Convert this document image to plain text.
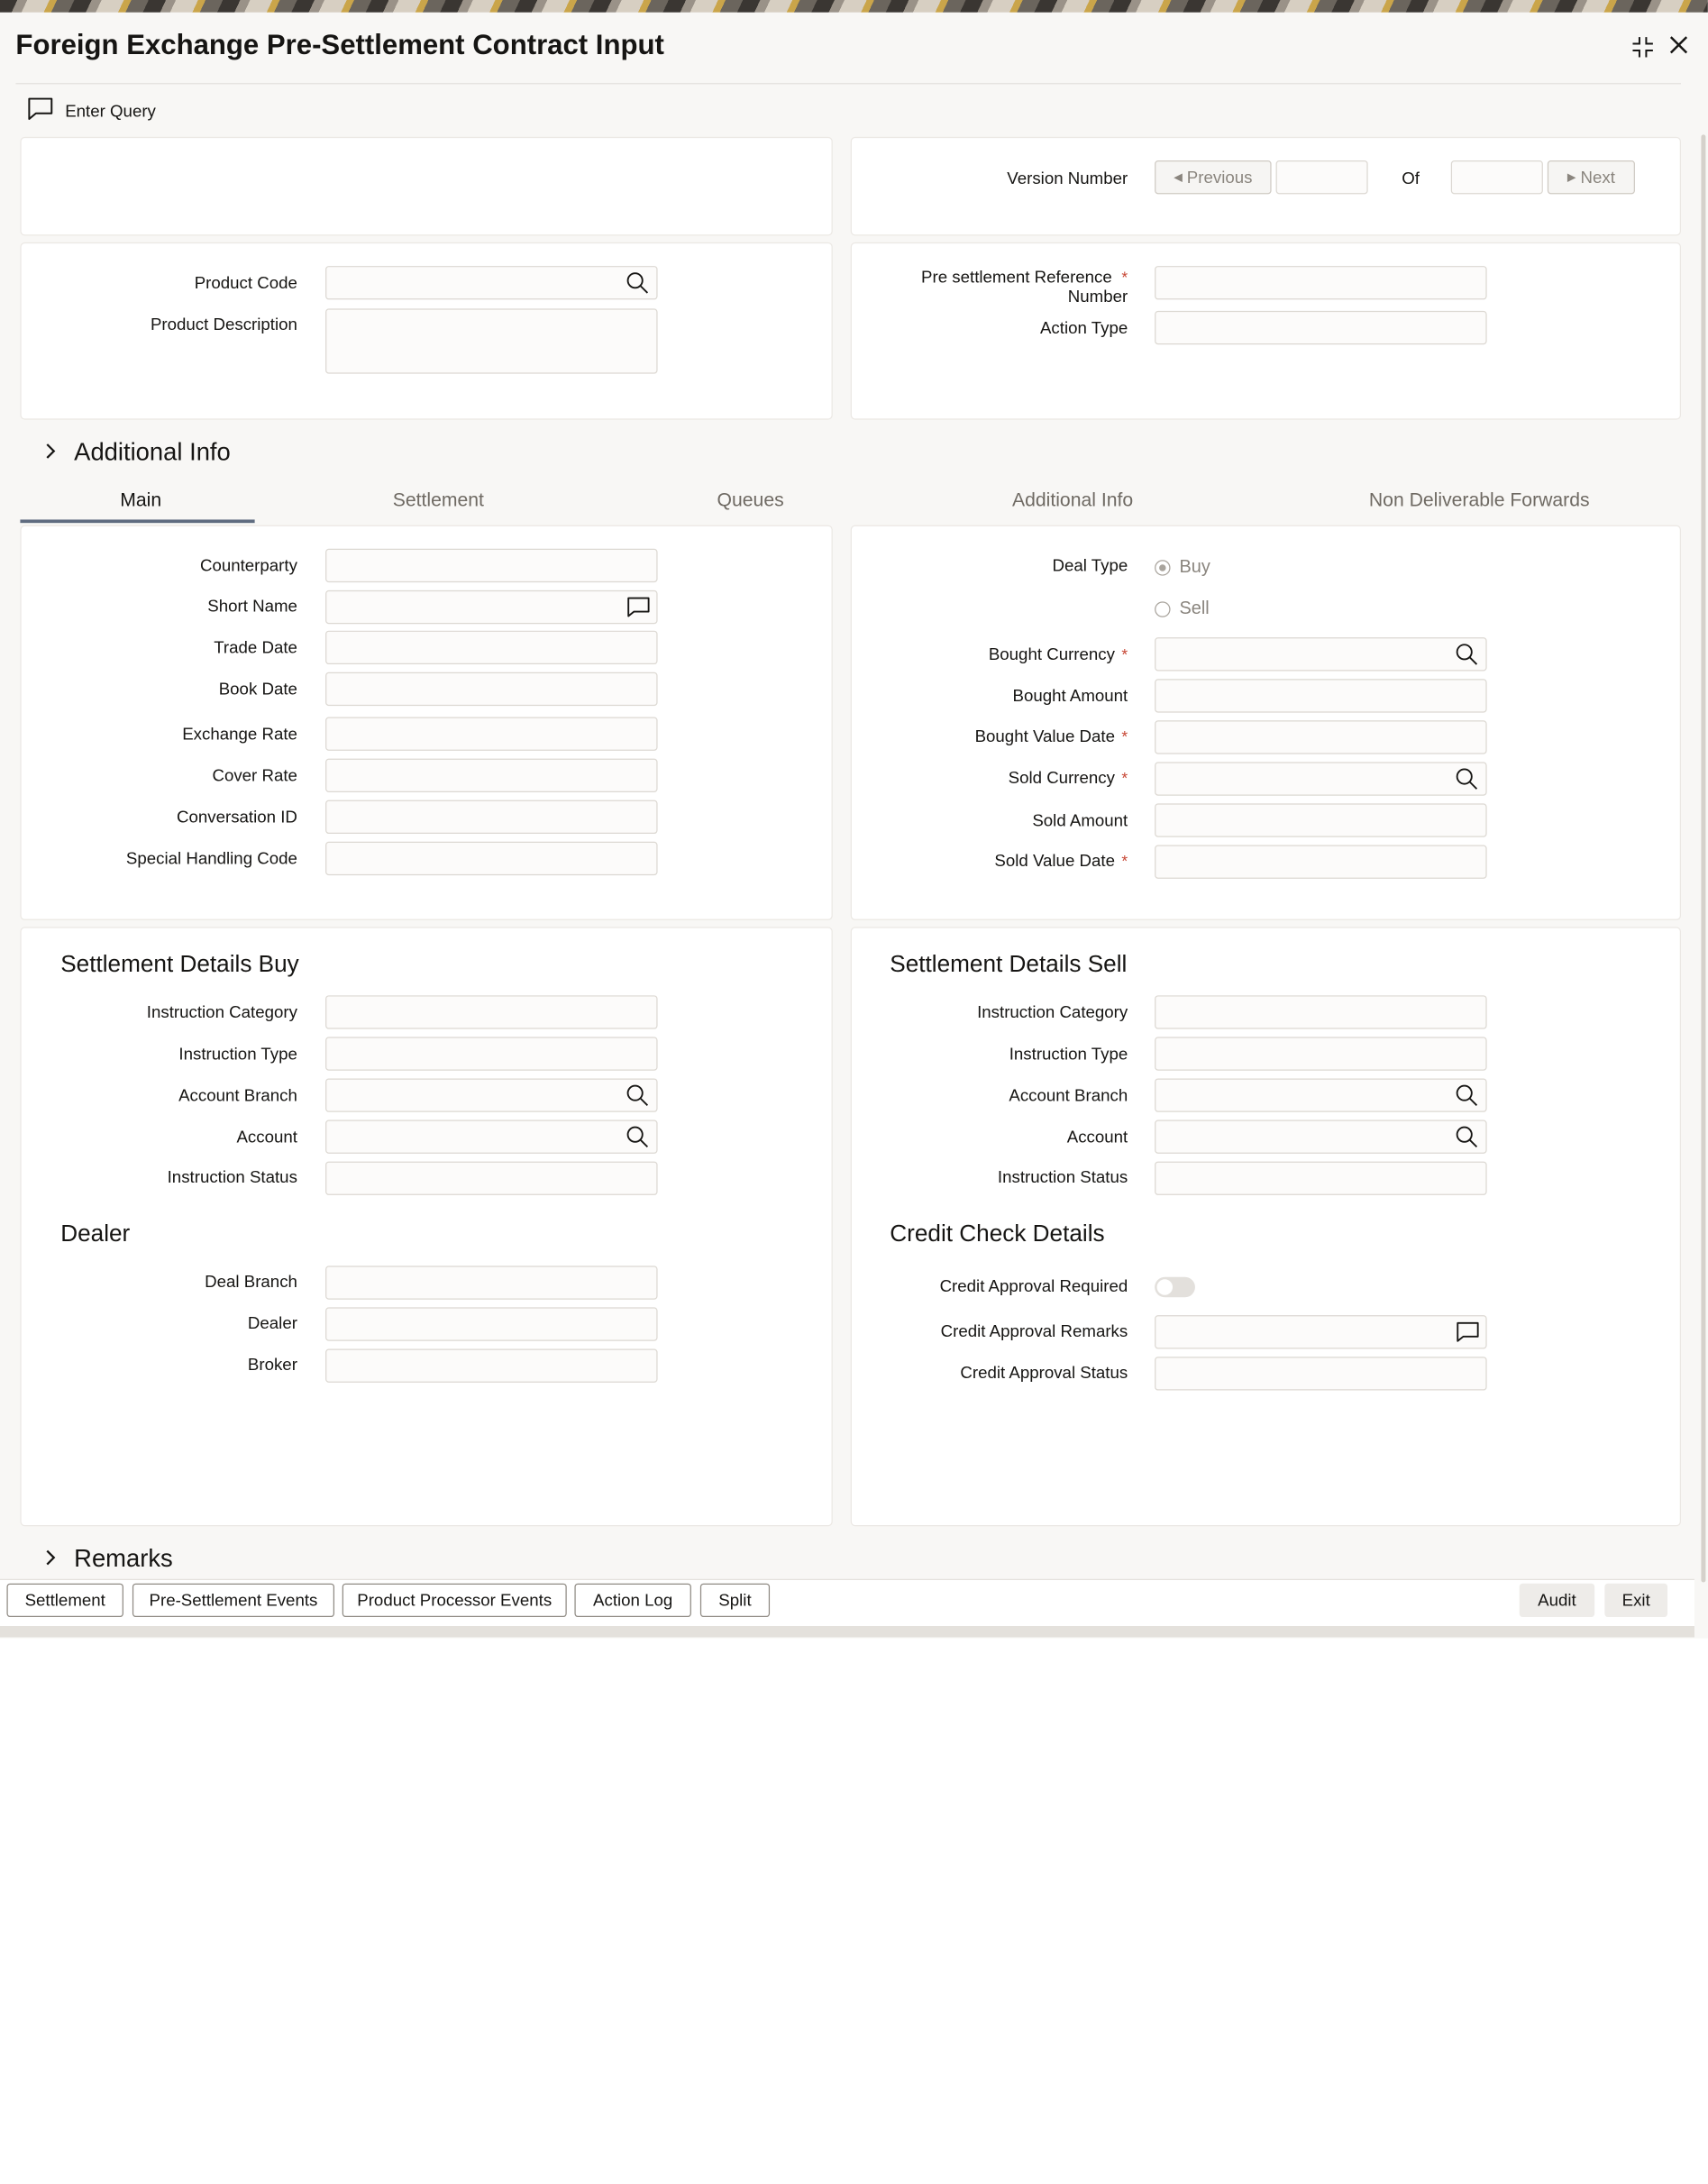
Foreign Exchange Pre-Settlement Contract Input
Enter Query
Version Number	◀ Previous	Of	▶ Next
Product Code
Product Description
Pre settlement Reference *

Number
Action Type
Additional Info
Main	Settlement	Queues	Additional Info	Non Deliverable Forwards
Counterparty
Short Name
Trade Date
Book Date
Exchange Rate
Cover Rate
Conversation ID
Special Handling Code
Deal Type	Buy
Sell
Bought Currency *
Bought Amount
Bought Value Date *
Sold Currency *
Sold Amount
Sold Value Date *
Settlement Details Buy
Instruction Category
Instruction Type
Account Branch
Account
Instruction Status
Dealer
Deal Branch
Dealer
Broker
Settlement Details Sell
Instruction Category
Instruction Type
Account Branch
Account
Instruction Status
Credit Check Details
Credit Approval Required
Credit Approval Remarks
Credit Approval Status
Remarks
Settlement	Pre-Settlement Events	Product Processor Events	Action Log	Split	Audit	Exit
